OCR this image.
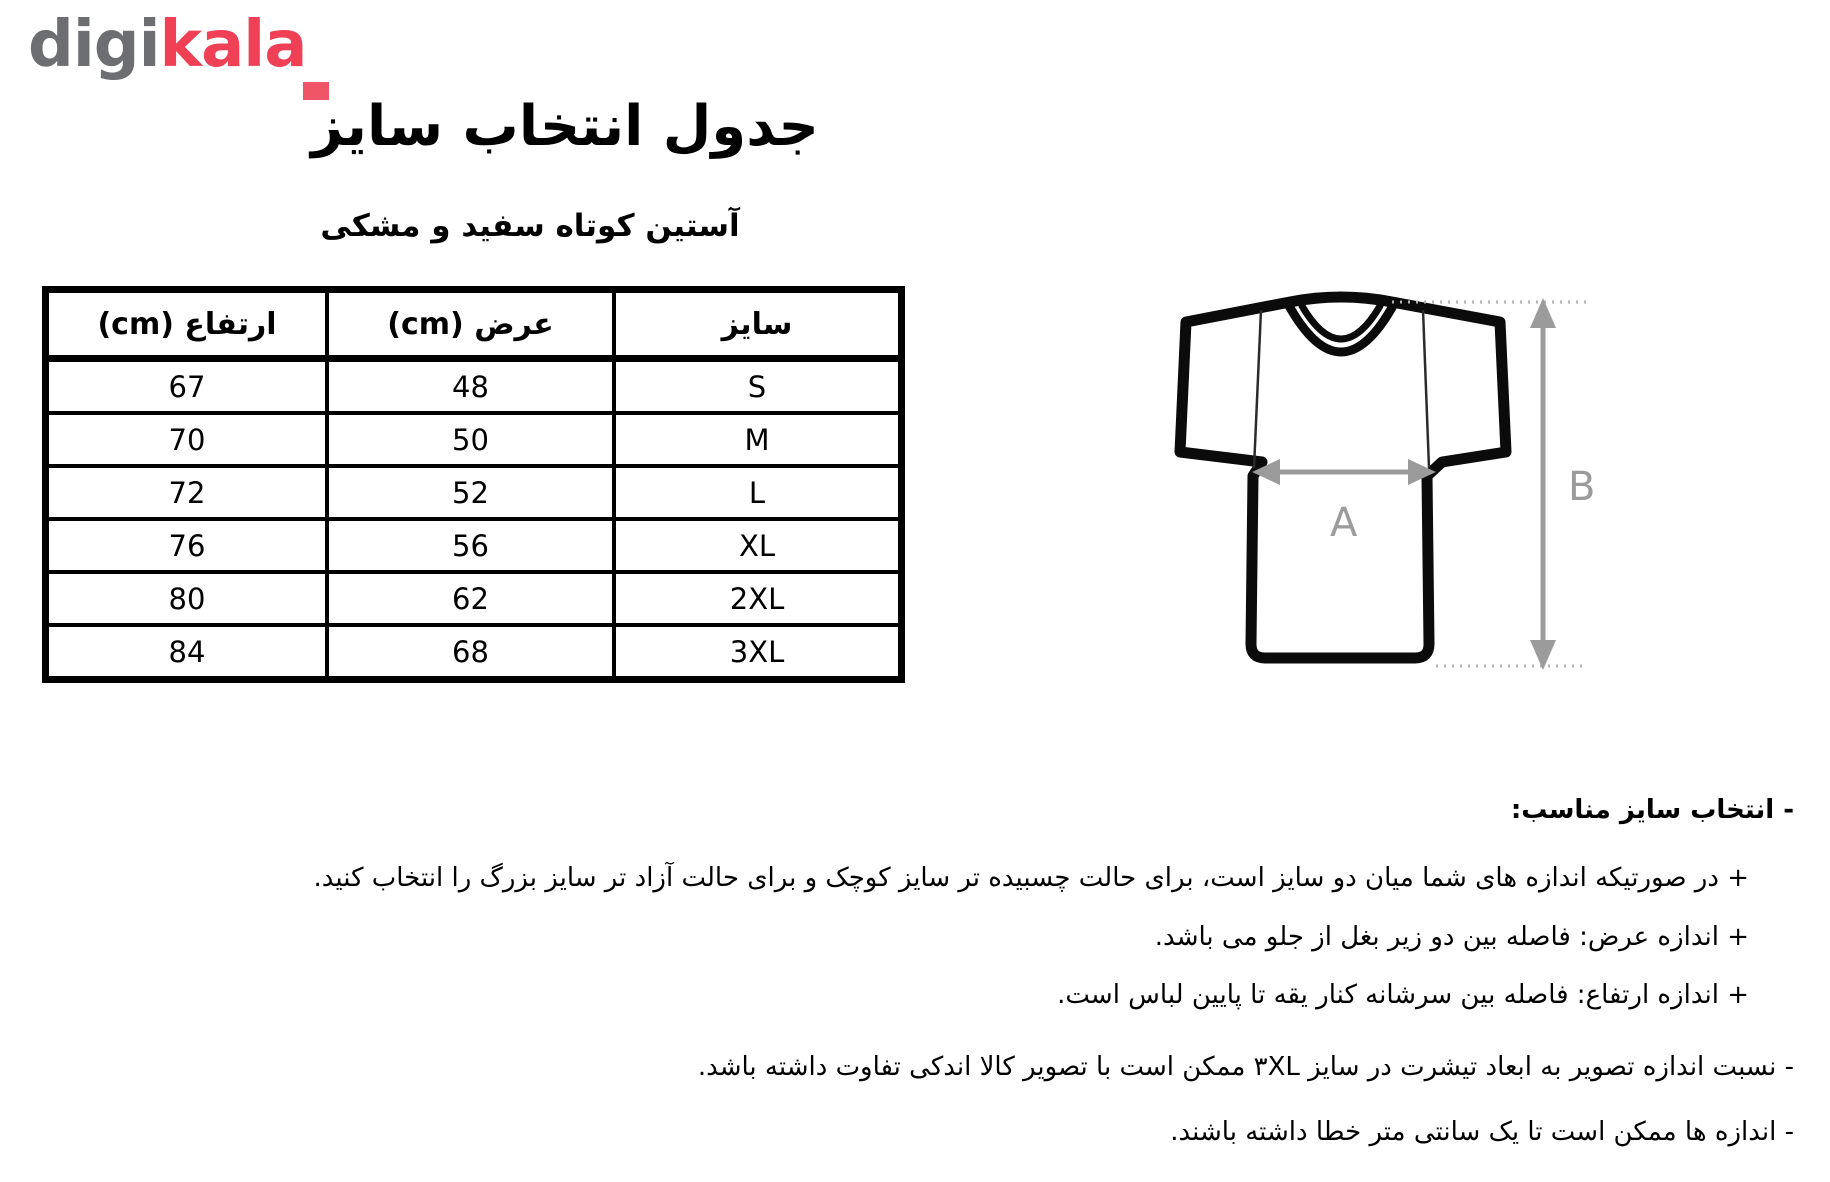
digikala
جدول انتخاب سایز
آستین کوتاه سفید و مشکی
سایز	عرض (cm)	ارتفاع (cm)
S	48	67
M	50	70
L	52	72
XL	56	76
2XL	62	80
3XL	68	84
A
B

- انتخاب سایز مناسب:

+ در صورتیکه اندازه های شما میان دو سایز است، برای حالت چسبیده تر سایز کوچک و برای حالت آزاد تر سایز بزرگ را انتخاب کنید.

+ اندازه عرض: فاصله بین دو زیر بغل از جلو می باشد.

+ اندازه ارتفاع: فاصله بین سرشانه کنار یقه تا پایین لباس است.

- نسبت اندازه تصویر به ابعاد تیشرت در سایز ۳XL ممکن است با تصویر کالا اندکی تفاوت داشته باشد.

- اندازه ها ممکن است تا یک سانتی متر خطا داشته باشند.
